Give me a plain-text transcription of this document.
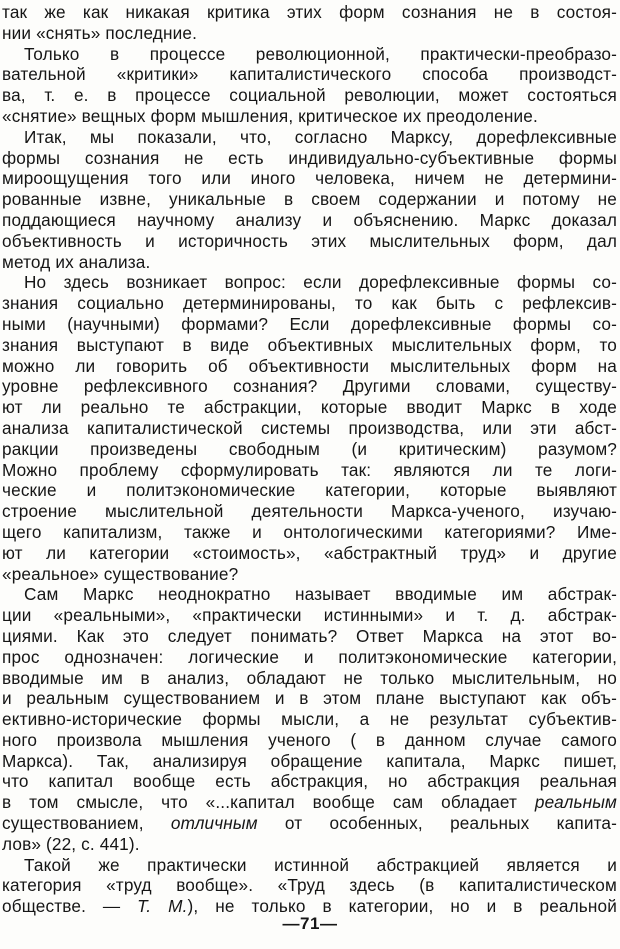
так же как никакая критика этих форм сознания не в состоя-
нии «снять» последние.
Только в процессе революционной, практически-преобразо-
вательной «критики» капиталистического способа производст-
ва, т. е. в процессе социальной революции, может состояться
«снятие» вещных форм мышления, критическое их преодоление.
Итак, мы показали, что, согласно Марксу, дорефлексивные
формы сознания не есть индивидуально-субъективные формы
мироощущения того или иного человека, ничем не детермини-
рованные извне, уникальные в своем содержании и потому не
поддающиеся научному анализу и объяснению. Маркс доказал
объективность и историчность этих мыслительных форм, дал
метод их анализа.
Но здесь возникает вопрос: если дорефлексивные формы со-
знания социально детерминированы, то как быть с рефлексив-
ными (научными) формами? Если дорефлексивные формы со-
знания выступают в виде объективных мыслительных форм, то
можно ли говорить об объективности мыслительных форм на
уровне рефлексивного сознания? Другими словами, существу-
ют ли реально те абстракции, которые вводит Маркс в ходе
анализа капиталистической системы производства, или эти абст-
ракции произведены свободным (и критическим) разумом?
Можно проблему сформулировать так: являются ли те логи-
ческие и политэкономические категории, которые выявляют
строение мыслительной деятельности Маркса-ученого, изучаю-
щего капитализм, также и онтологическими категориями? Име-
ют ли категории «стоимость», «абстрактный труд» и другие
«реальное» существование?
Сам Маркс неоднократно называет вводимые им абстрак-
ции «реальными», «практически истинными» и т. д. абстрак-
циями. Как это следует понимать? Ответ Маркса на этот во-
прос однозначен: логические и политэкономические категории,
вводимые им в анализ, обладают не только мыслительным, но
и реальным существованием и в этом плане выступают как объ-
ективно-исторические формы мысли, а не результат субъектив-
ного произвола мышления ученого ( в данном случае самого
Маркса). Так, анализируя обращение капитала, Маркс пишет,
что капитал вообще есть абстракция, но абстракция реальная
в том смысле, что «...капитал вообще сам обладает реальным
существованием, отличным от особенных, реальных капита-
лов» (22, с. 441).
Такой же практически истинной абстракцией является и
категория «труд вообще». «Труд здесь (в капиталистическом
обществе. — Т. М.), не только в категории, но и в реальной
—71—
